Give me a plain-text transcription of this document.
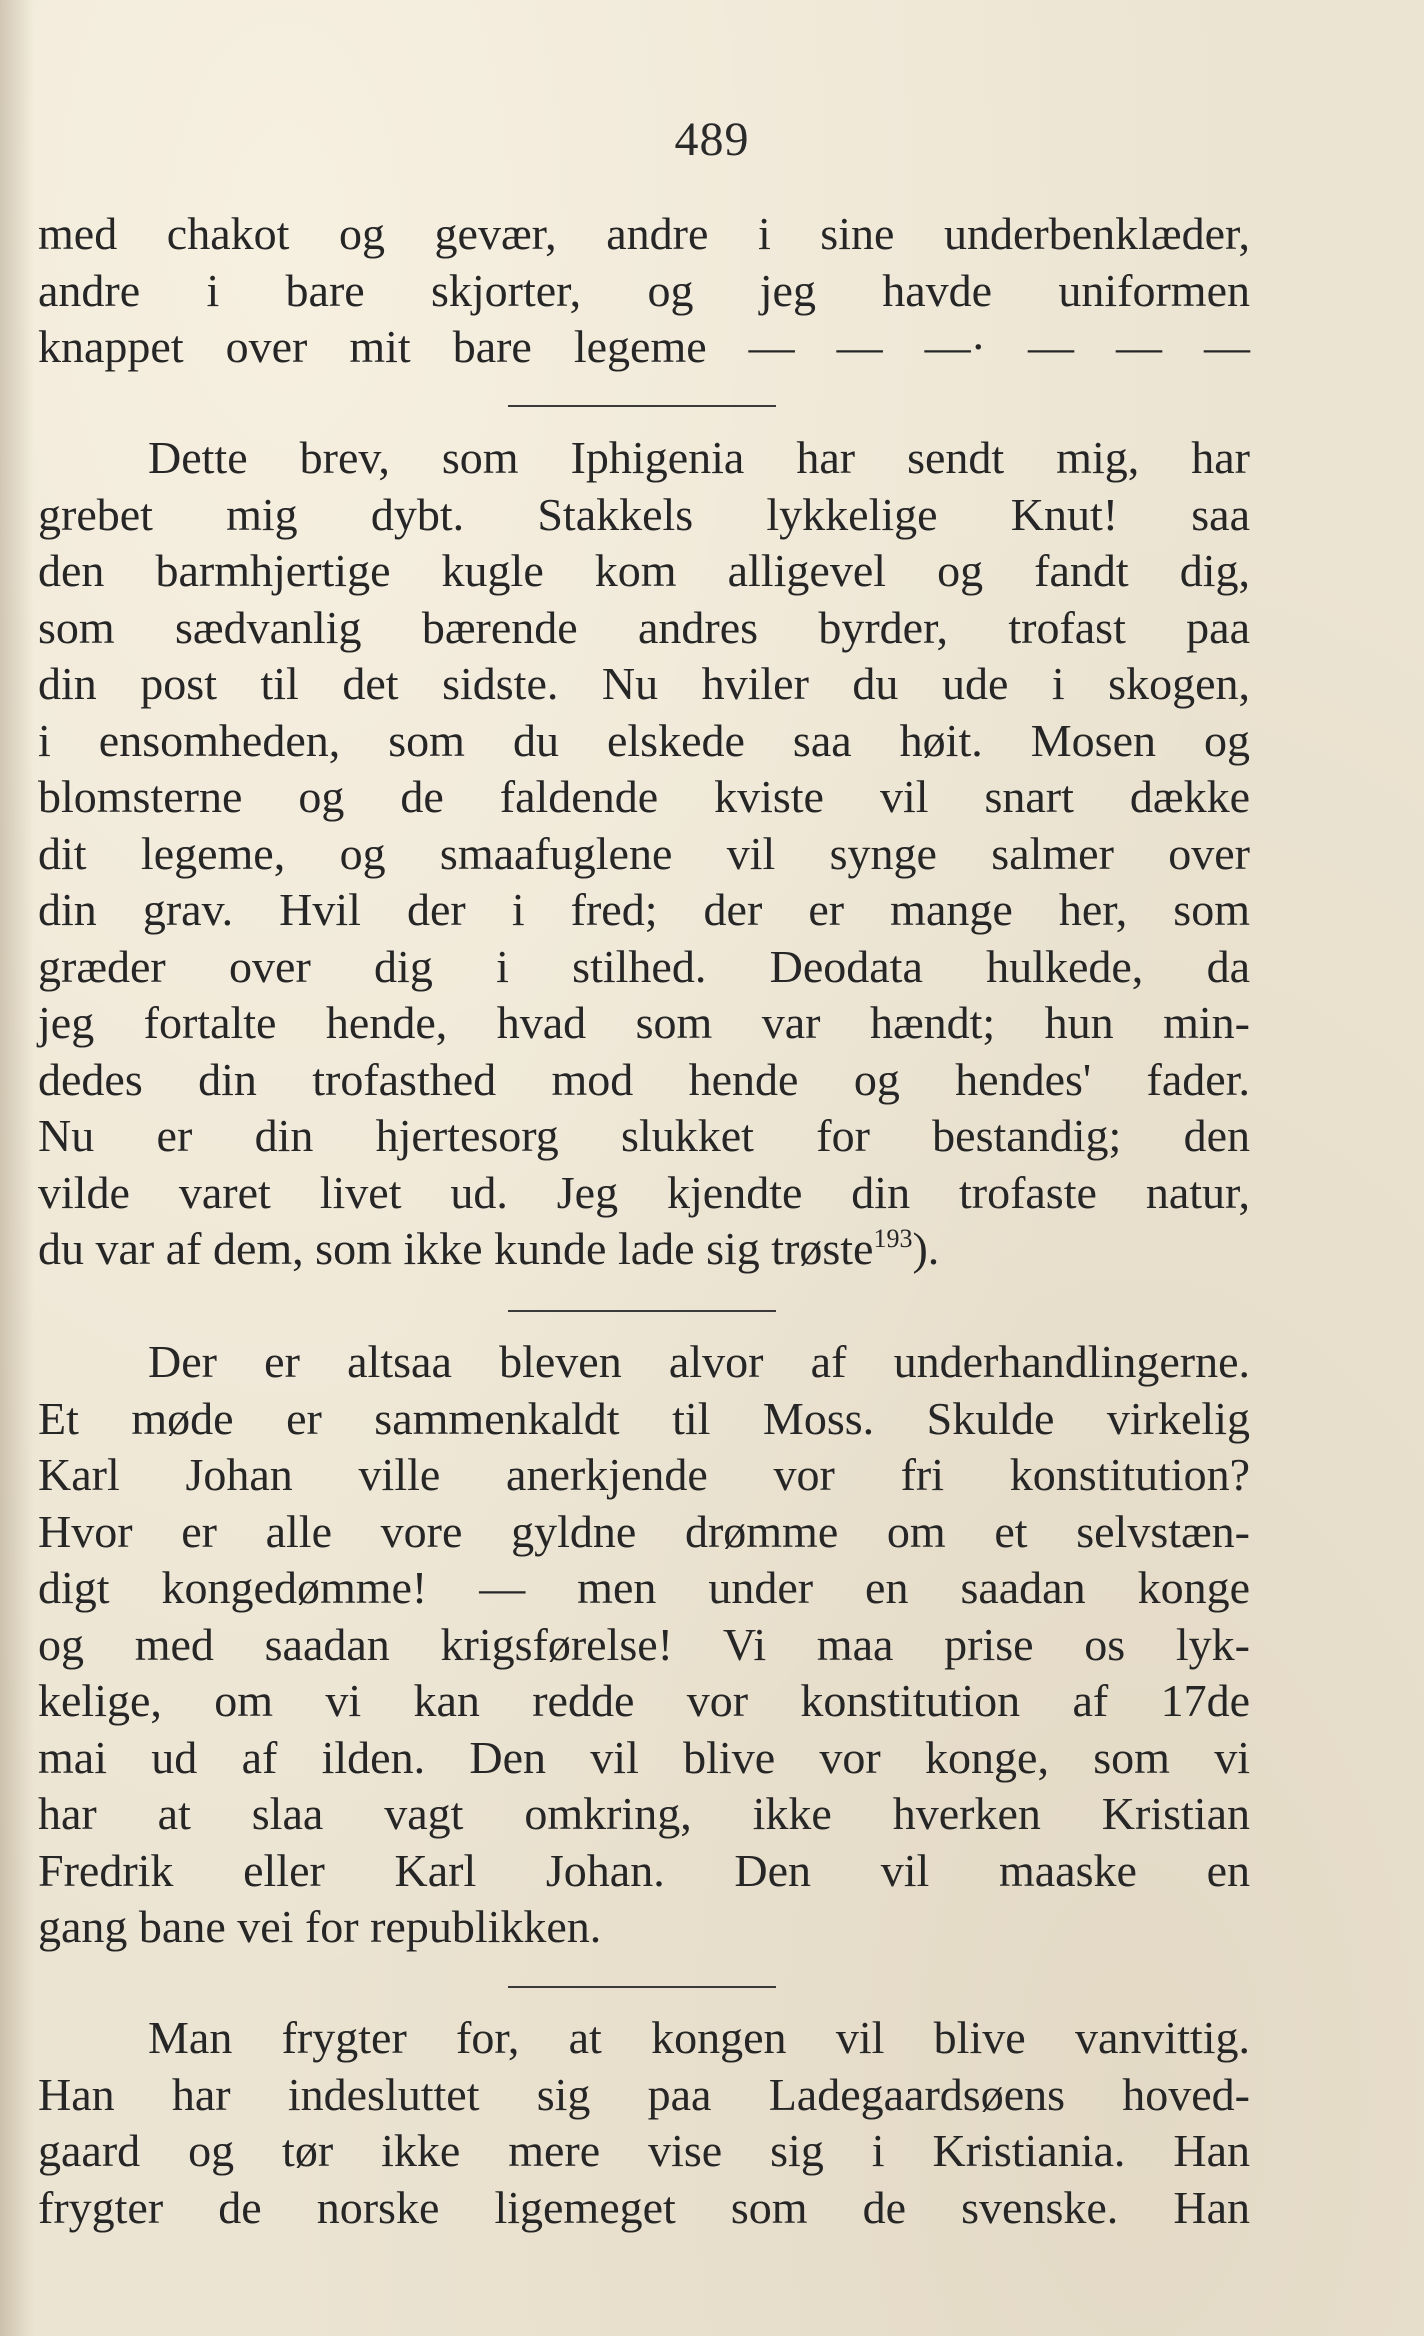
489
med chakot og gevær, andre i sine underbenklæder,
andre i bare skjorter, og jeg havde uniformen
knappet over mit bare legeme — — —· — — —
Dette brev, som Iphigenia har sendt mig, har
grebet mig dybt. Stakkels lykkelige Knut! saa
den barmhjertige kugle kom alligevel og fandt dig,
som sædvanlig bærende andres byrder, trofast paa
din post til det sidste. Nu hviler du ude i skogen,
i ensomheden, som du elskede saa høit. Mosen og
blomsterne og de faldende kviste vil snart dække
dit legeme, og smaafuglene vil synge salmer over
din grav. Hvil der i fred; der er mange her, som
græder over dig i stilhed. Deodata hulkede, da
jeg fortalte hende, hvad som var hændt; hun min-
dedes din trofasthed mod hende og hendes' fader.
Nu er din hjertesorg slukket for bestandig; den
vilde varet livet ud. Jeg kjendte din trofaste natur,
du var af dem, som ikke kunde lade sig trøste$^{193}$).
Der er altsaa bleven alvor af underhandlingerne.
Et møde er sammenkaldt til Moss. Skulde virkelig
Karl Johan ville anerkjende vor fri konstitution?
Hvor er alle vore gyldne drømme om et selvstæn-
digt kongedømme! — men under en saadan konge
og med saadan krigsførelse! Vi maa prise os lyk-
kelige, om vi kan redde vor konstitution af 17de
mai ud af ilden. Den vil blive vor konge, som vi
har at slaa vagt omkring, ikke hverken Kristian
Fredrik eller Karl Johan. Den vil maaske en
gang bane vei for republikken.
Man frygter for, at kongen vil blive vanvittig.
Han har indesluttet sig paa Ladegaardsøens hoved-
gaard og tør ikke mere vise sig i Kristiania. Han
frygter de norske ligemeget som de svenske. Han
